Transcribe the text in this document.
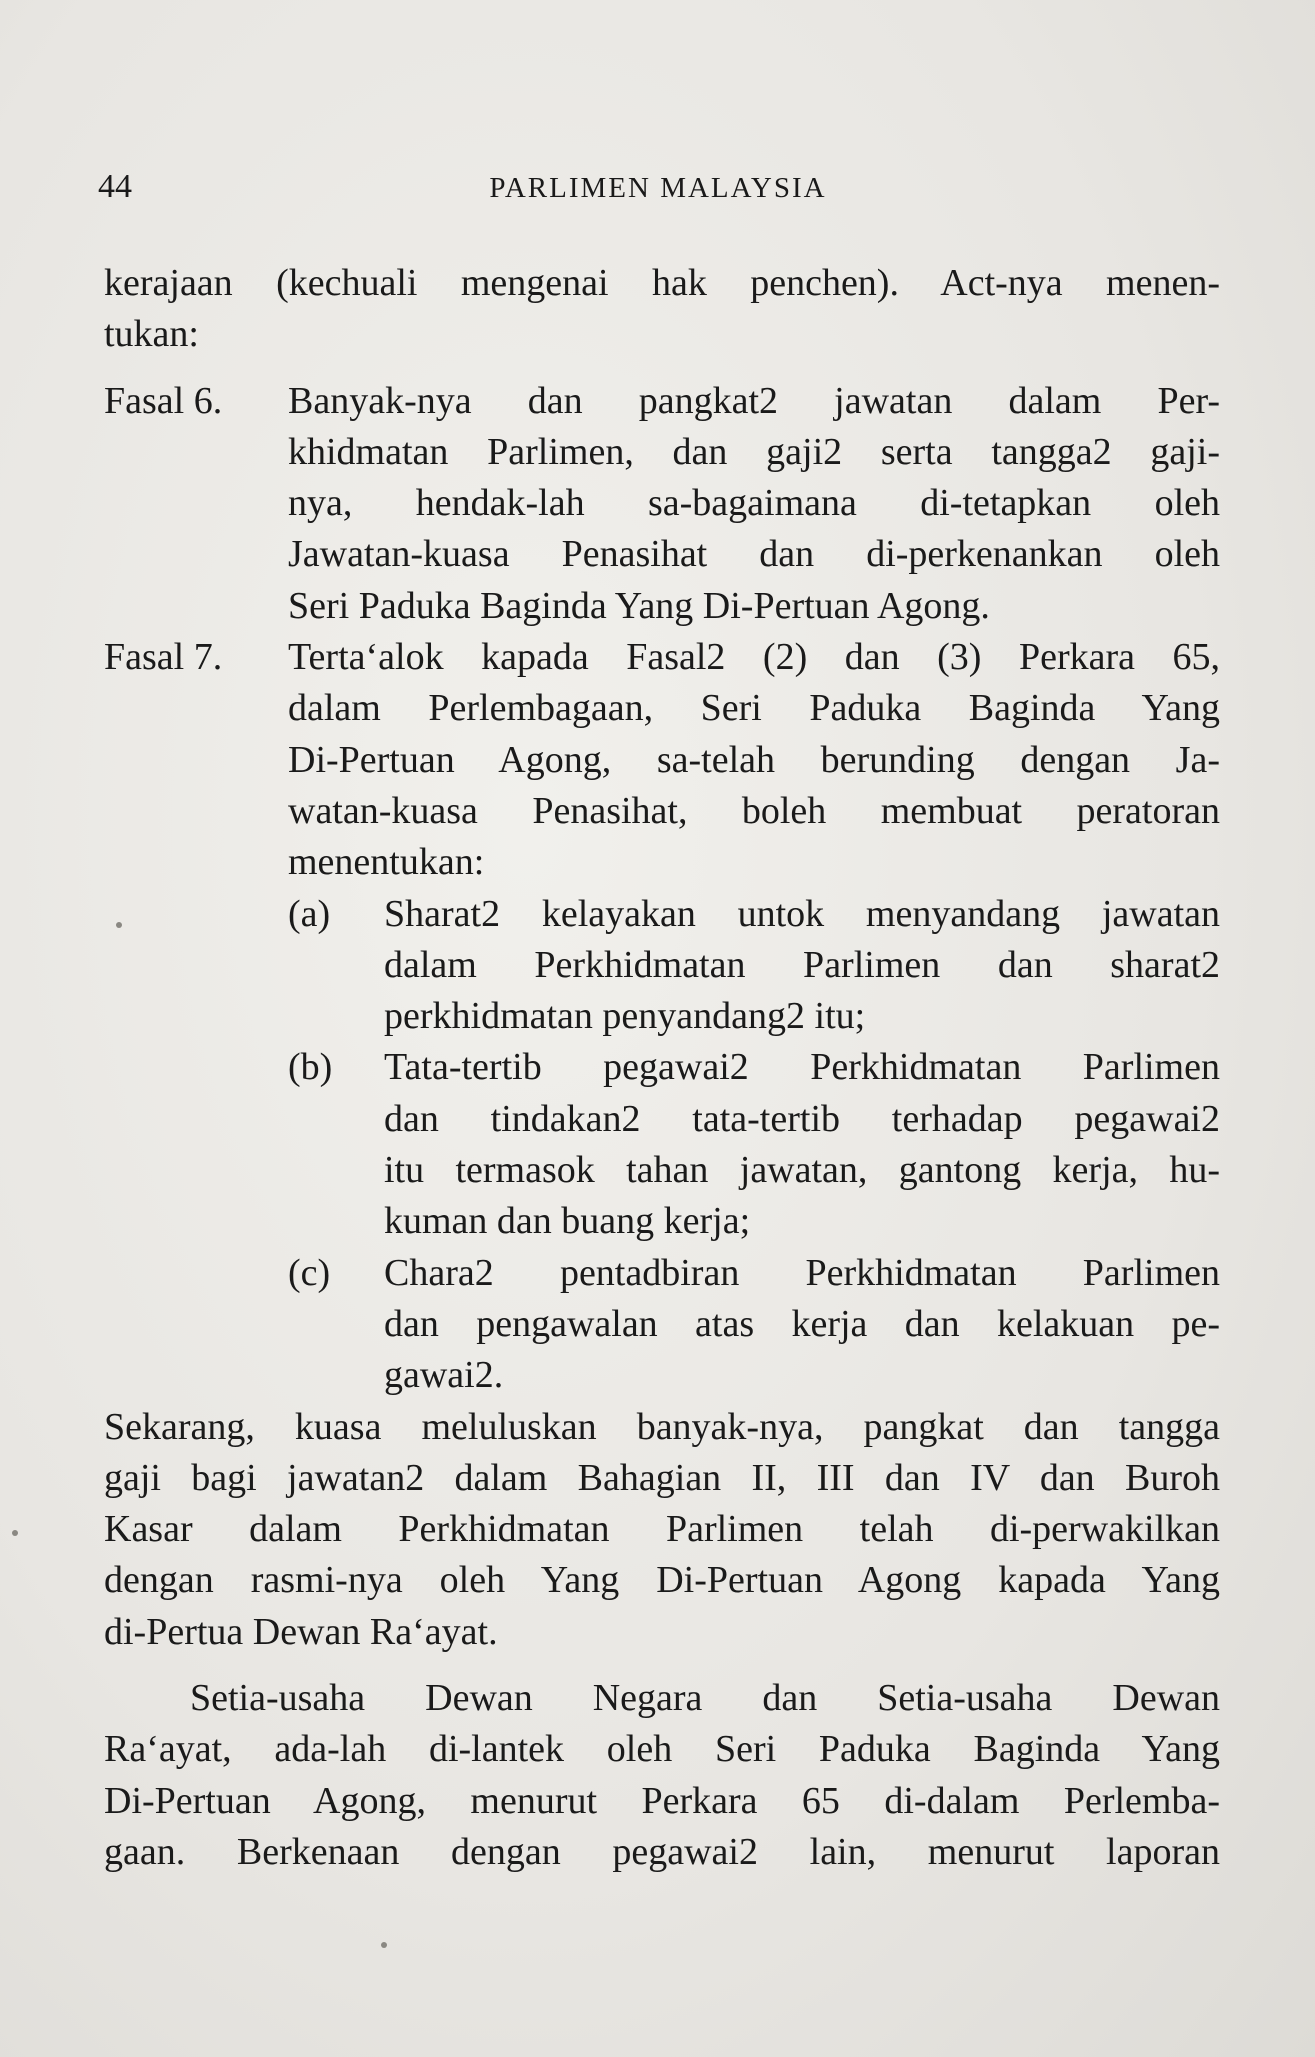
44	PARLIMEN MALAYSIA
kerajaan (kechuali mengenai hak penchen). Act-nya menen-
tukan:
Fasal 6.	Banyak-nya dan pangkat2 jawatan dalam Per-
khidmatan Parlimen, dan gaji2 serta tangga2 gaji-
nya, hendak-lah sa-bagaimana di-tetapkan oleh
Jawatan-kuasa Penasihat dan di-perkenankan oleh
Seri Paduka Baginda Yang Di-Pertuan Agong.
Fasal 7.	Terta‘alok kapada Fasal2 (2) dan (3) Perkara 65,
dalam Perlembagaan, Seri Paduka Baginda Yang
Di-Pertuan Agong, sa-telah berunding dengan Ja-
watan-kuasa Penasihat, boleh membuat peratoran
menentukan:
(a)	Sharat2 kelayakan untok menyandang jawatan
dalam Perkhidmatan Parlimen dan sharat2
perkhidmatan penyandang2 itu;
(b)	Tata-tertib pegawai2 Perkhidmatan Parlimen
dan tindakan2 tata-tertib terhadap pegawai2
itu termasok tahan jawatan, gantong kerja, hu-
kuman dan buang kerja;
(c)	Chara2 pentadbiran Perkhidmatan Parlimen
dan pengawalan atas kerja dan kelakuan pe-
gawai2.
Sekarang, kuasa meluluskan banyak-nya, pangkat dan tangga
gaji bagi jawatan2 dalam Bahagian II, III dan IV dan Buroh
Kasar dalam Perkhidmatan Parlimen telah di-perwakilkan
dengan rasmi-nya oleh Yang Di-Pertuan Agong kapada Yang
di-Pertua Dewan Ra‘ayat.
Setia-usaha Dewan Negara dan Setia-usaha Dewan
Ra‘ayat, ada-lah di-lantek oleh Seri Paduka Baginda Yang
Di-Pertuan Agong, menurut Perkara 65 di-dalam Perlemba-
gaan. Berkenaan dengan pegawai2 lain, menurut laporan
